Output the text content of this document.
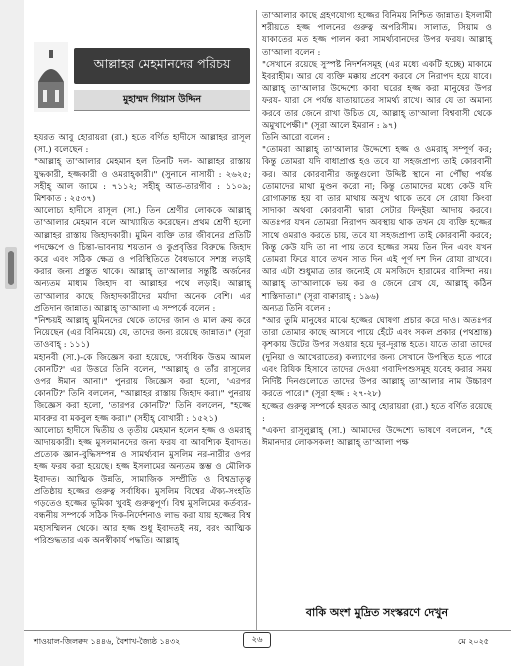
আল্লাহর মেহমানদের পরিচয়
মুহাম্মদ গিয়াস উদ্দিন

হযরত আবু হোরায়রা (রা.) হতে বর্ণিত হাদীসে আল্লাহর রাসূল (সা.) বলেছেন :

"আল্লাহ্ তা'আলার মেহমান হল তিনটি দল- আল্লাহর রাস্তায় যুদ্ধকারী, হজ্জকারী ও ওমরাহ্কারী।" (সুনানে নাসায়ী : ২৬২৫; সহীহ্ আল জামে : ৭১১২; সহীহ্ আত-তারগীব : ১১০৯; মিশকাত : ২৫৩৭)

আলোচ্য হাদীসে রাসূল (সা.) তিন শ্রেণীর লোককে আল্লাহ্ তা'আলার মেহমান বলে আখ্যায়িত করেছেন। প্রথম শ্রেণী হলো আল্লাহর রাস্তায় জিহাদকারী। মুমিন ব্যক্তি তার জীবনের প্রতিটি পদক্ষেপে ও চিন্তা-ভাবনায় শয়তান ও কুপ্রবৃত্তির বিরুদ্ধে জিহাদ করে এবং সঠিক ক্ষেত্র ও পরিস্থিতিতে বৈধভাবে সশস্ত্র লড়াই করার জন্য প্রস্তুত থাকে। আল্লাহ্ তা'আলার সন্তুষ্টি অর্জনের অন্যতম মাধ্যম জিহাদ বা আল্লাহর পথে লড়াই। আল্লাহ্ তা'আলার কাছে জিহাদকারীদের মর্যাদা অনেক বেশি। এর প্রতিদান জান্নাত। আল্লাহ্ তা'আলা এ সম্পর্কে বলেন :

"নিশ্চয়ই আল্লাহ্ মুমিনদের থেকে তাদের জান ও মাল ক্রয় করে নিয়েছেন (এর বিনিময়ে) যে, তাদের জন্য রয়েছে জান্নাত।" (সূরা তাওবাহ্ : ১১১)

মহানবী (সা.)-কে জিজ্ঞেস করা হয়েছে, 'সর্বাধিক উত্তম আমল কোনটি?' এর উত্তরে তিনি বলেন, "আল্লাহ্ ও তাঁর রাসূলের ওপর ঈমান আনা।" পুনরায় জিজ্ঞেস করা হলো, 'এরপর কোনটি?' তিনি বললেন, "আল্লাহর রাস্তায় জিহাদ করা।" পুনরায় জিজ্ঞেস করা হলো, 'তারপর কোনটি?' তিনি বললেন, "হজ্জে মাবরুর বা মকবুল হজ্জ করা।" (সহীহ্ বোখারী : ১৫২১)

আলোচ্য হাদীসে দ্বিতীয় ও তৃতীয় মেহমান হলেন হজ্জ ও ওমরাহ্ আদায়কারী। হজ্জ মুসলমানদের জন্য ফরয বা আবশ্যিক ইবাদত। প্রত্যেক জ্ঞান-বুদ্ধিসম্পন্ন ও সামর্থ্যবান মুসলিম নর-নারীর ওপর হজ্জ ফরয করা হয়েছে। হজ্জ ইসলামের অন্যতম স্তম্ভ ও মৌলিক ইবাদত। আত্মিক উন্নতি, সামাজিক সম্প্রীতি ও বিশ্বভ্রাতৃত্ব প্রতিষ্ঠায় হজ্জের গুরুত্ব সর্বাধিক। মুসলিম বিশ্বের ঐক্য-সংহতি গড়তেও হজ্জের ভূমিকা খুবই গুরুত্বপূর্ণ। বিশ্ব মুসলিমের কর্তব্যর-বন্ধনীয় সম্পর্কে সঠিক দিক-নির্দেশনাও লাভ করা যায় হজ্জের বিশ্ব মহাসম্মিলন থেকে। আর হজ্জ শুধু ইবাদতই নয়, বরং আত্মিক পরিশুদ্ধতার এক অনস্বীকার্য পদ্ধতি। আল্লাহ্

তা'আলার কাছে গ্রহণযোগ্য হজ্জের বিনিময় নিশ্চিত জান্নাত। ইসলামী শরীয়তে হজ্জ পালনের গুরুত্ব অপরিসীম। সালাত, সিয়াম ও যাকাতের মত হজ্জ পালন করা সামর্থ্যবানদের উপর ফরয। আল্লাহ্ তা'আলা বলেন :

"সেখানে রয়েছে সুস্পষ্ট নিদর্শনসমূহ (এর মধ্যে একটি হচ্ছে) মাকামে ইবরাহীম। আর যে ব্যক্তি মক্কায় প্রবেশ করবে সে নিরাপদ হয়ে যাবে। আল্লাহ্ তা'আলার উদ্দেশ্যে কাবা ঘরের হজ্জ করা মানুষের উপর ফরয- যারা সে পর্যন্ত যাতায়াতের সামর্থ্য রাখে। আর যে তা অমান্য করবে তার জেনে রাখা উচিত যে, আল্লাহ্ তা'আলা বিশ্ববাসী থেকে অমুখাপেক্ষী।" (সূরা আলে ইমরান : ৯৭)

তিনি আরো বলেন :

"তোমরা আল্লাহ্ তা'আলার উদ্দেশ্যে হজ্জ ও ওমরাহ্ সম্পূর্ণ কর; কিন্তু তোমরা যদি বাধাপ্রাপ্ত হও তবে যা সহজপ্রাপ্য তাই কোরবানী কর। আর কোরবানীর জন্তুগুলো উদ্দিষ্ট স্থানে না পৌঁছা পর্যন্ত তোমাদের মাথা মুণ্ডন করো না; কিন্তু তোমাদের মধ্যে কেউ যদি রোগাক্রান্ত হয় বা তার মাথায় অসুখ থাকে তবে সে রোযা কিংবা সাদাকা অথবা কোরবানী দ্বারা সেটার ফিদ্ইয়া আদায় করবে। অতঃপর যখন তোমরা নিরাপদ অবস্থায় থাক তখন যে ব্যক্তি হজ্জের সাথে ওমরাও করতে চায়, তবে যা সহজপ্রাপ্য তাই কোরবানী করবে; কিন্তু কেউ যদি তা না পায় তবে হজ্জের সময় তিন দিন এবং যখন তোমরা ফিরে যাবে তখন সাত দিন এই পূর্ণ দশ দিন রোযা রাখবে। আর এটা শুধুমাত্র তার জন্যেই যে মসজিদে হারামের বাসিন্দা নয়। আল্লাহ্ তা'আলাকে ভয় কর ও জেনে রেখ যে, আল্লাহ্ কঠিন শাস্তিদাতা।" (সূরা বাক্বারাহ্ : ১৯৬)

অন্যত্র তিনি বলেন :

"আর তুমি মানুষের মাঝে হজ্জের ঘোষণা প্রচার করে দাও। অতঃপর তারা তোমার কাছে আসবে পায়ে হেঁটে এবং সকল প্রকার (পথশ্রান্ত) কৃশকায় উটের উপর সওয়ার হয়ে দূর-দূরান্ত হতে। যাতে তারা তাদের (দুনিয়া ও আখেরাতের) কল্যাণের জন্য সেখানে উপস্থিত হতে পারে এবং রিযিক হিসাবে তাদের দেওয়া গবাদিপশুসমূহ যবেহ করার সময় নির্দিষ্ট দিনগুলোতে তাদের উপর আল্লাহ্ তা'আলার নাম উচ্চারণ করতে পারে।" (সূরা হজ্জ : ২৭-২৮)

হজ্জের গুরুত্ব সম্পর্কে হযরত আবু হোরায়রা (রা.) হতে বর্ণিত রয়েছে :

"একদা রাসূলুল্লাহ্ (সা.) আমাদের উদ্দেশ্যে ভাষণে বললেন, "হে ঈমানদার লোকসকল! আল্লাহ্ তা'আলা পক্ষ

বাকি অংশ মুদ্রিত সংস্করণে দেখুন
শাওয়াল-জিলক্বদ ১৪৪৬, বৈশাখ-জ্যৈষ্ঠ ১৪৩২	২৬	মে ২০২৫
